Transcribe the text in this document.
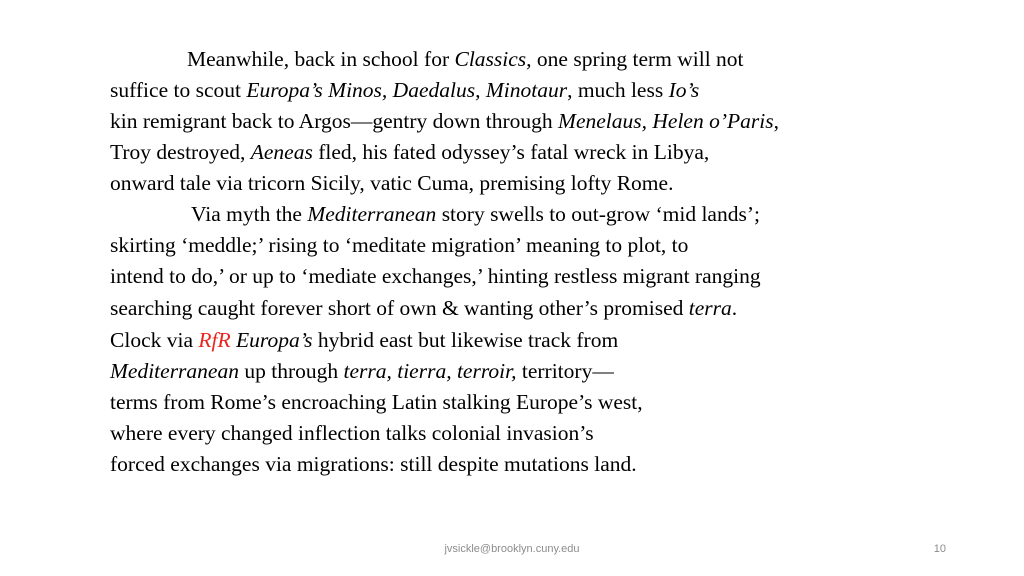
Meanwhile, back in school for Classics, one spring term will not
suffice to scout Europa’s Minos, Daedalus, Minotaur, much less Io’s
kin remigrant back to Argos—gentry down through Menelaus, Helen o’Paris,
Troy destroyed, Aeneas fled, his fated odyssey’s fatal wreck in Libya,
onward tale via tricorn Sicily, vatic Cuma, premising lofty Rome.
Via myth the Mediterranean story swells to out-grow ‘mid lands’;
skirting ‘meddle;’ rising to ‘meditate migration’ meaning to plot, to
intend to do,’ or up to ‘mediate exchanges,’ hinting restless migrant ranging
searching caught forever short of own & wanting other’s promised terra.
Clock via RfR Europa’s hybrid east but likewise track from
Mediterranean up through terra, tierra, terroir, territory—
terms from Rome’s encroaching Latin stalking Europe’s west,
where every changed inflection talks colonial invasion’s
forced exchanges via migrations: still despite mutations land.
jvsickle@brooklyn.cuny.edu	10
